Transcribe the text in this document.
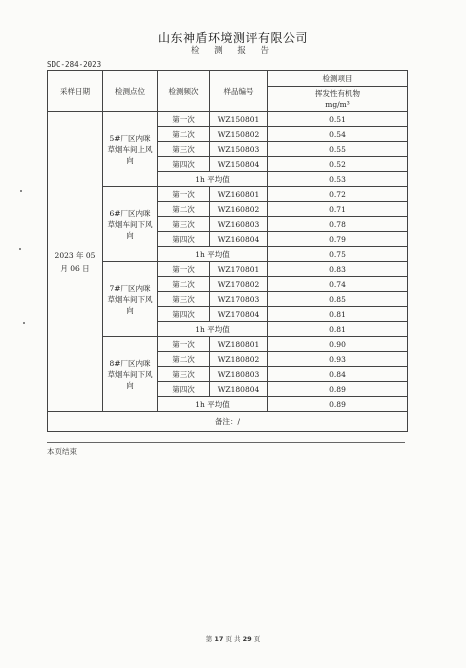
山东神盾环境测评有限公司
检 测 报 告
SDC-284-2023
采样日期	检测点位	检测频次	样品编号	检测项目

				挥发性有机物
mg/m³

2023 年 05 月 06 日	5#厂区内咪草烟车间上风向	第一次	WZ150801	0.51
		第二次	WZ150802	0.54
		第三次	WZ150803	0.55
		第四次	WZ150804	0.52
		1h 平均值		0.53
	6#厂区内咪草烟车间下风向	第一次	WZ160801	0.72
		第二次	WZ160802	0.71
		第三次	WZ160803	0.78
		第四次	WZ160804	0.79
		1h 平均值		0.75
	7#厂区内咪草烟车间下风向	第一次	WZ170801	0.83
		第二次	WZ170802	0.74
		第三次	WZ170803	0.85
		第四次	WZ170804	0.81
		1h 平均值		0.81
	8#厂区内咪草烟车间下风向	第一次	WZ180801	0.90
		第二次	WZ180802	0.93
		第三次	WZ180803	0.84
		第四次	WZ180804	0.89
		1h 平均值		0.89
备注：/				
本页结束
第 17 页 共 29 页
